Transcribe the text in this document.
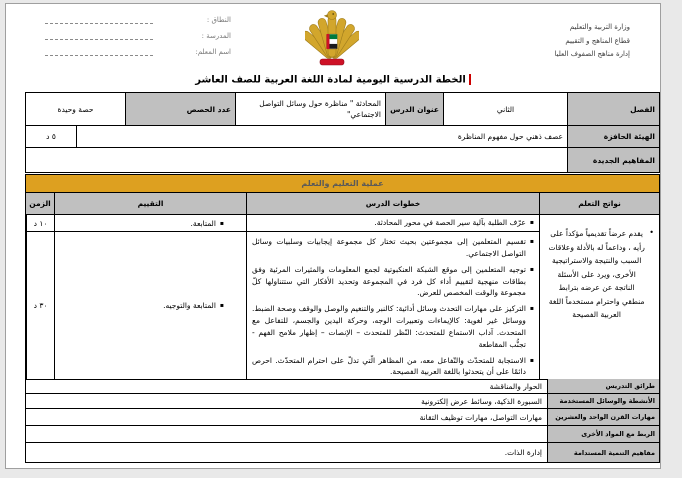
النطاق :
المدرسة :
اسم المعلم:
وزارة التربية والتعليم
قطاع المناهج و التقييم
إدارة مناهج الصفوف العليا
الخطة الدرسية اليومية لمادة اللغة العربية للصف العاشر
الفصل
الثاني
عنوان الدرس
المحادثة " مناظرة حول وسائل التواصل الاجتماعي"
عدد الحصص
حصة وحيدة
الهيئة الحافزة
عصف ذهني حول مفهوم المناظرة
٥ د
المفاهيم الجديدة
عملية التعليم والتعلم
نواتج التعلم
خطوات الدرس
التقييم
الزمن
•
يقدم عرضاً تقديمياً مؤكداً على رأيه ، وداعماً له بالأدلة وعلاقات السبب والنتيجة والاستراتيجية الأخرى، ويرد على الأسئلة الناتجة عن عرضه بترابط منطقي واحترام مستخدماً اللغة العربية الفصيحة
▪
عرّف الطلبة بآلية سير الحصة في محور المحادثة.
▪
المتابعة.
١٠ د
▪
تقسيم المتعلمين إلى مجموعتين بحيث تختار كل مجموعة إيجابيات وسلبيات وسائل التواصل الاجتماعي.
▪
توجيه المتعلمين إلى موقع الشبكة العنكبوتية لجمع المعلومات والمثيرات المرئية وفق بطاقات منهجية لتقييم أداء كل فرد في المجموعة وتحديد الأفكار التي ستتناولها كلّ مجموعة والوقت المخصص للعرض.
▪
التركيز على مهارات التحدث وسائل أدائية: كالنبر والتنغيم والوصل والوقف وصحة الضبط. ووسائل غير لغوية: كالإيماءات وتعبيرات الوجه، وحركة اليدين والجسم، للتفاعل مع المتحدث. آداب الاستماع للمتحدث: النّظر للمتحدث – الإنصات – إظهار ملامح الفهم - تجنُّب المقاطعة
▪
الاستجابة للمتحدّث والتّفاعل معه، من المظاهر الّتي تدلّ على احترام المتحدّث. احرص دائمًا على أن يتحدثوا باللغة العربية الفصيحة.
▪
المتابعة والتوجيه.
٣٠ د
طرائق التدريس
الحوار والمناقشة
الأنشطة والوسائل المستخدمة
السبورة الذكية، وسائط عرض إلكترونية
مهارات القرن الواحد والعشرين
مهارات التواصل، مهارات توظيف التقانة
الربط مع المواد الأخرى
مفاهيم التنمية المستدامة
إدارة الذات.
